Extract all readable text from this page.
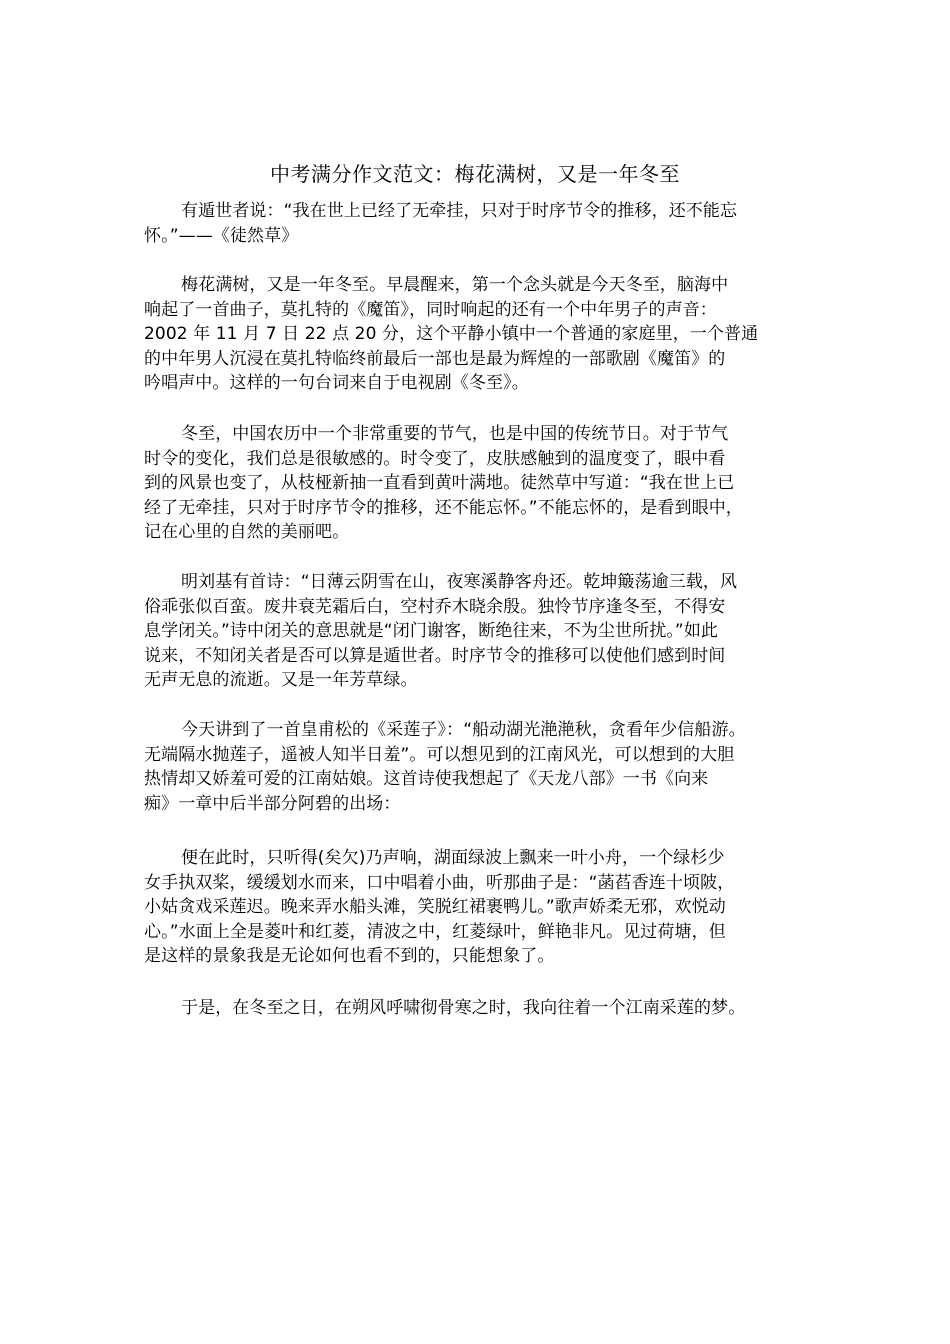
中考满分作文范文：梅花满树，又是一年冬至
有遁世者说：“我在世上已经了无牵挂，只对于时序节令的推移，还不能忘
怀。”——《徒然草》
梅花满树，又是一年冬至。早晨醒来，第一个念头就是今天冬至，脑海中
响起了一首曲子，莫扎特的《魔笛》，同时响起的还有一个中年男子的声音：
2002 年 11 月 7 日 22 点 20 分，这个平静小镇中一个普通的家庭里，一个普通
的中年男人沉浸在莫扎特临终前最后一部也是最为辉煌的一部歌剧《魔笛》的
吟唱声中。这样的一句台词来自于电视剧《冬至》。
冬至，中国农历中一个非常重要的节气，也是中国的传统节日。对于节气
时令的变化，我们总是很敏感的。时令变了，皮肤感触到的温度变了，眼中看
到的风景也变了，从枝桠新抽一直看到黄叶满地。徒然草中写道：“我在世上已
经了无牵挂，只对于时序节令的推移，还不能忘怀。”不能忘怀的，是看到眼中，
记在心里的自然的美丽吧。
明刘基有首诗：“日薄云阴雪在山，夜寒溪静客舟还。乾坤簸荡逾三载，风
俗乖张似百蛮。废井衰芜霜后白，空村乔木晓余殷。独怜节序逢冬至，不得安
息学闭关。”诗中闭关的意思就是“闭门谢客，断绝往来，不为尘世所扰。”如此
说来，不知闭关者是否可以算是遁世者。时序节令的推移可以使他们感到时间
无声无息的流逝。又是一年芳草绿。
今天讲到了一首皇甫松的《采莲子》：“船动湖光滟滟秋，贪看年少信船游。
无端隔水抛莲子，遥被人知半日羞”。可以想见到的江南风光，可以想到的大胆
热情却又娇羞可爱的江南姑娘。这首诗使我想起了《天龙八部》一书《向来
痴》一章中后半部分阿碧的出场：
便在此时，只听得(矣欠)乃声响，湖面绿波上飘来一叶小舟，一个绿杉少
女手执双桨，缓缓划水而来，口中唱着小曲，听那曲子是：“菡萏香连十顷陂，
小姑贪戏采莲迟。晚来弄水船头滩，笑脱红裙裹鸭儿。”歌声娇柔无邪，欢悦动
心。”水面上全是菱叶和红菱，清波之中，红菱绿叶，鲜艳非凡。见过荷塘，但
是这样的景象我是无论如何也看不到的，只能想象了。
于是，在冬至之日，在朔风呼啸彻骨寒之时，我向往着一个江南采莲的梦。
